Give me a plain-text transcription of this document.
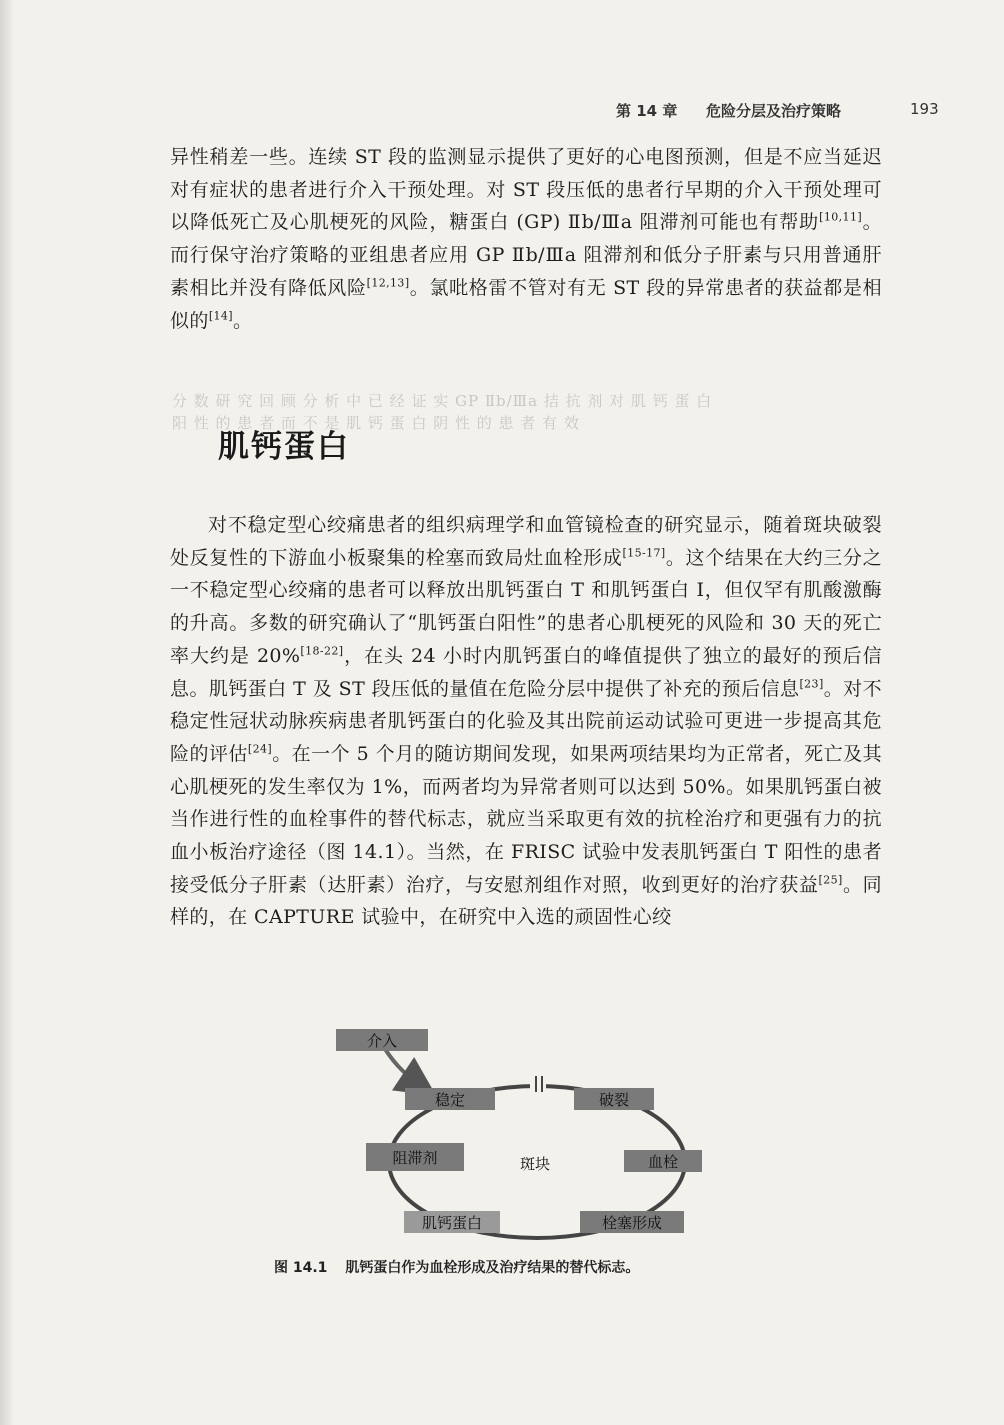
分 数 研 究 回 顾 分 析 中 已 经 证 实 GP Ⅱb/Ⅲa 拮 抗 剂 对 肌 钙 蛋 白
阳 性 的 患 者 而 不 是 肌 钙 蛋 白 阴 性 的 患 者 有 效
第 14 章 危险分层及治疗策略	193

异性稍差一些。连续 ST 段的监测显示提供了更好的心电图预测，但是不应当延迟对有症状的患者进行介入干预处理。对 ST 段压低的患者行早期的介入干预处理可以降低死亡及心肌梗死的风险，糖蛋白 (GP) Ⅱb/Ⅲa 阻滞剂可能也有帮助[10,11]。而行保守治疗策略的亚组患者应用 GP Ⅱb/Ⅲa 阻滞剂和低分子肝素与只用普通肝素相比并没有降低风险[12,13]。氯吡格雷不管对有无 ST 段的异常患者的获益都是相似的[14]。

肌钙蛋白

对不稳定型心绞痛患者的组织病理学和血管镜检查的研究显示，随着斑块破裂处反复性的下游血小板聚集的栓塞而致局灶血栓形成[15-17]。这个结果在大约三分之一不稳定型心绞痛的患者可以释放出肌钙蛋白 T 和肌钙蛋白 I，但仅罕有肌酸激酶的升高。多数的研究确认了“肌钙蛋白阳性”的患者心肌梗死的风险和 30 天的死亡率大约是 20%[18-22]，在头 24 小时内肌钙蛋白的峰值提供了独立的最好的预后信息。肌钙蛋白 T 及 ST 段压低的量值在危险分层中提供了补充的预后信息[23]。对不稳定性冠状动脉疾病患者肌钙蛋白的化验及其出院前运动试验可更进一步提高其危险的评估[24]。在一个 5 个月的随访期间发现，如果两项结果均为正常者，死亡及其心肌梗死的发生率仅为 1%，而两者均为异常者则可以达到 50%。如果肌钙蛋白被当作进行性的血栓事件的替代标志，就应当采取更有效的抗栓治疗和更强有力的抗血小板治疗途径（图 14.1）。当然，在 FRISC 试验中发表肌钙蛋白 T 阳性的患者接受低分子肝素（达肝素）治疗，与安慰剂组作对照，收到更好的治疗获益[25]。同样的，在 CAPTURE 试验中，在研究中入选的顽固性心绞

介入
稳定	破裂
阻滞剂	斑块	血栓
肌钙蛋白	栓塞形成
图 14.1 肌钙蛋白作为血栓形成及治疗结果的替代标志。
